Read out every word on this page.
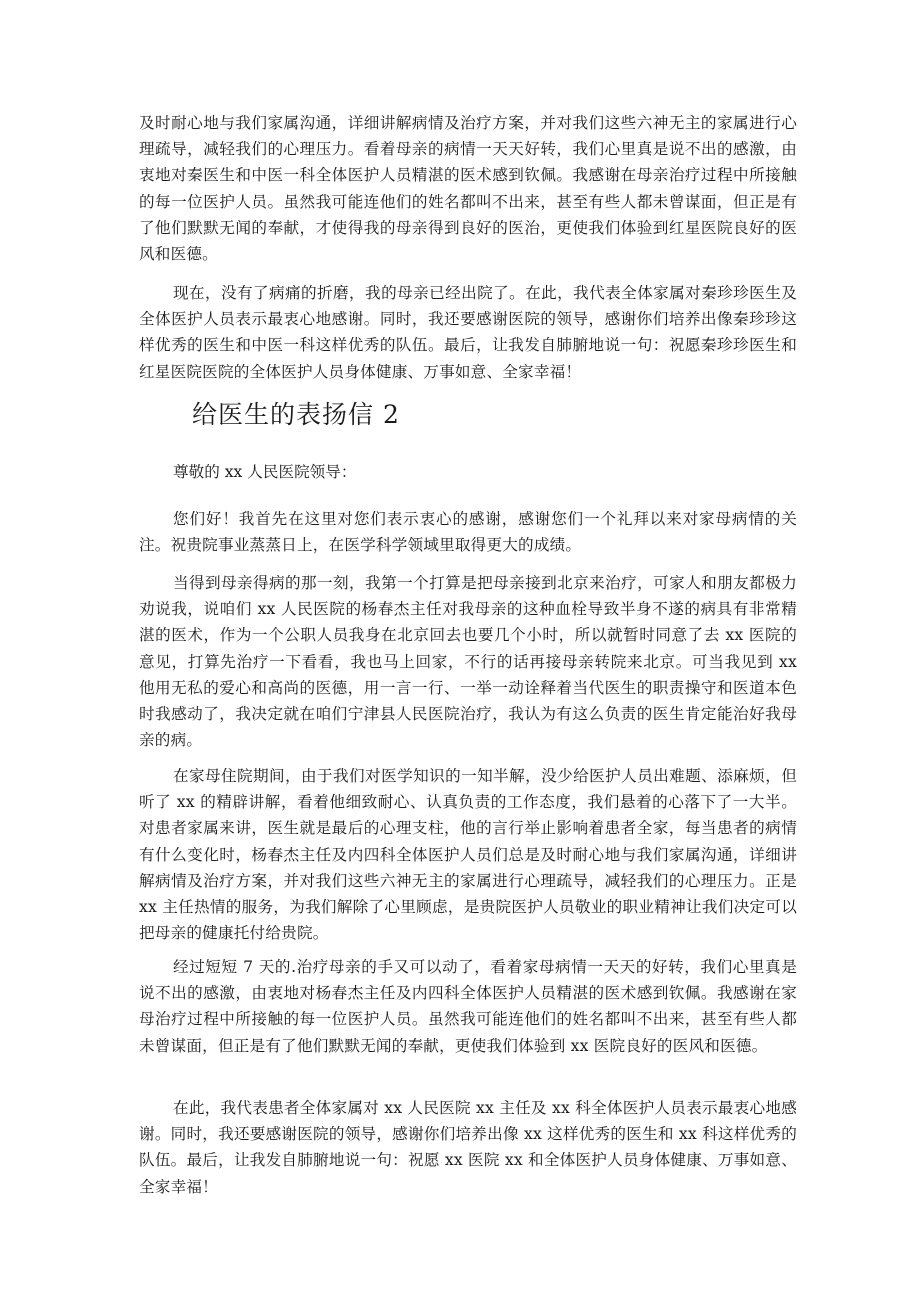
及时耐心地与我们家属沟通，详细讲解病情及治疗方案，并对我们这些六神无主的家属进行心理疏导，减轻我们的心理压力。看着母亲的病情一天天好转，我们心里真是说不出的感激，由衷地对秦医生和中医一科全体医护人员精湛的医术感到钦佩。我感谢在母亲治疗过程中所接触的每一位医护人员。虽然我可能连他们的姓名都叫不出来，甚至有些人都未曾谋面，但正是有了他们默默无闻的奉献，才使得我的母亲得到良好的医治，更使我们体验到红星医院良好的医风和医德。

现在，没有了病痛的折磨，我的母亲已经出院了。在此，我代表全体家属对秦珍珍医生及全体医护人员表示最衷心地感谢。同时，我还要感谢医院的领导，感谢你们培养出像秦珍珍这样优秀的医生和中医一科这样优秀的队伍。最后，让我发自肺腑地说一句：祝愿秦珍珍医生和红星医院医院的全体医护人员身体健康、万事如意、全家幸福！

给医生的表扬信 2

尊敬的 xx 人民医院领导：

您们好！我首先在这里对您们表示衷心的感谢，感谢您们一个礼拜以来对家母病情的关注。祝贵院事业蒸蒸日上，在医学科学领域里取得更大的成绩。

当得到母亲得病的那一刻，我第一个打算是把母亲接到北京来治疗，可家人和朋友都极力劝说我，说咱们 xx 人民医院的杨春杰主任对我母亲的这种血栓导致半身不遂的病具有非常精湛的医术，作为一个公职人员我身在北京回去也要几个小时，所以就暂时同意了去 xx 医院的意见，打算先治疗一下看看，我也马上回家，不行的话再接母亲转院来北京。可当我见到 xx 他用无私的爱心和高尚的医德，用一言一行、一举一动诠释着当代医生的职责操守和医道本色时我感动了，我决定就在咱们宁津县人民医院治疗，我认为有这么负责的医生肯定能治好我母亲的病。

在家母住院期间，由于我们对医学知识的一知半解，没少给医护人员出难题、添麻烦，但听了 xx 的精辟讲解，看着他细致耐心、认真负责的工作态度，我们悬着的心落下了一大半。对患者家属来讲，医生就是最后的心理支柱，他的言行举止影响着患者全家，每当患者的病情有什么变化时，杨春杰主任及内四科全体医护人员们总是及时耐心地与我们家属沟通，详细讲解病情及治疗方案，并对我们这些六神无主的家属进行心理疏导，减轻我们的心理压力。正是 xx 主任热情的服务，为我们解除了心里顾虑，是贵院医护人员敬业的职业精神让我们决定可以把母亲的健康托付给贵院。

经过短短 7 天的.治疗母亲的手又可以动了，看着家母病情一天天的好转，我们心里真是说不出的感激，由衷地对杨春杰主任及内四科全体医护人员精湛的医术感到钦佩。我感谢在家母治疗过程中所接触的每一位医护人员。虽然我可能连他们的姓名都叫不出来，甚至有些人都未曾谋面，但正是有了他们默默无闻的奉献，更使我们体验到 xx 医院良好的医风和医德。

在此，我代表患者全体家属对 xx 人民医院 xx 主任及 xx 科全体医护人员表示最衷心地感谢。同时，我还要感谢医院的领导，感谢你们培养出像 xx 这样优秀的医生和 xx 科这样优秀的队伍。最后，让我发自肺腑地说一句：祝愿 xx 医院 xx 和全体医护人员身体健康、万事如意、全家幸福！
